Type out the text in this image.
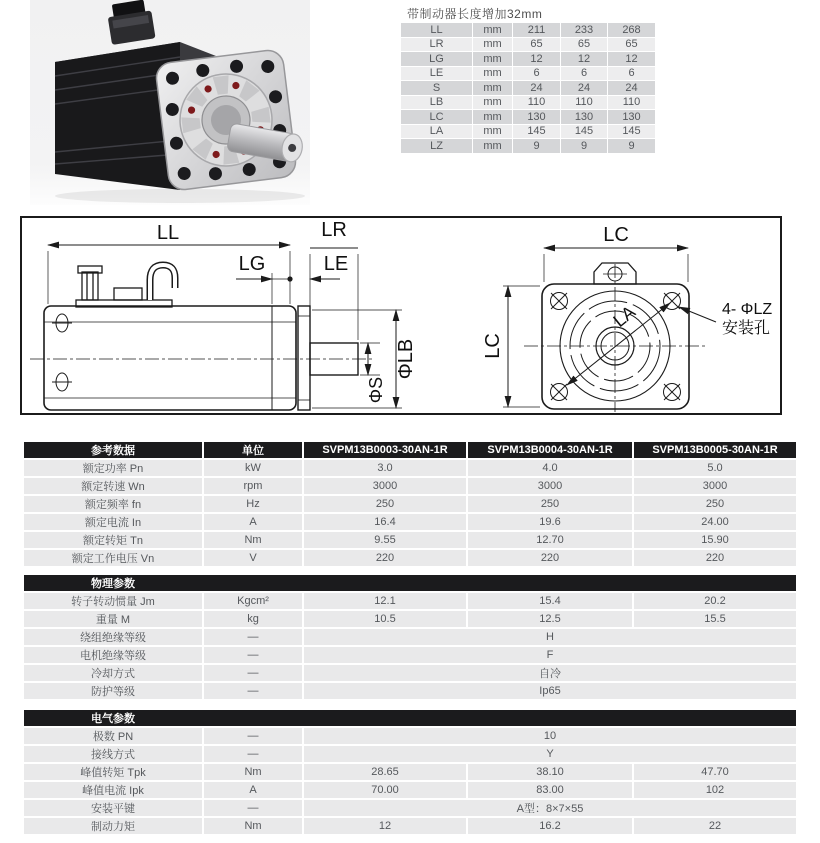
带制动器长度增加32mm
LL	mm	211	233	268
LR	mm	65	65	65
LG	mm	12	12	12
LE	mm	6	6	6
S	mm	24	24	24
LB	mm	110	110	110
LC	mm	130	130	130
LA	mm	145	145	145
LZ	mm	9	9	9
LL	LR
LG	LE
ΦLB
ΦS
LC
LC
LA	4- ΦLZ
安装孔
参考数据	单位	SVPM13B0003-30AN-1R	SVPM13B0004-30AN-1R	SVPM13B0005-30AN-1R
额定功率 Pn	kW	3.0	4.0	5.0
额定转速 Wn	rpm	3000	3000	3000
额定频率 fn	Hz	250	250	250
额定电流 In	A	16.4	19.6	24.00
额定转矩 Tn	Nm	9.55	12.70	15.90
额定工作电压 Vn	V	220	220	220
物理参数				
转子转动惯量 Jm	Kgcm²	12.1	15.4	20.2
重量 M	kg	10.5	12.5	15.5
绕组绝缘等级	—	H		
电机绝缘等级	—	F		
冷却方式	—	自冷		
防护等级	—	Ip65		
电气参数				
极数 PN	—	10		
接线方式	—	Y		
峰值转矩 Tpk	Nm	28.65	38.10	47.70
峰值电流 Ipk	A	70.00	83.00	102
安装平键	—	A型：8×7×55		
制动力矩	Nm	12	16.2	22
